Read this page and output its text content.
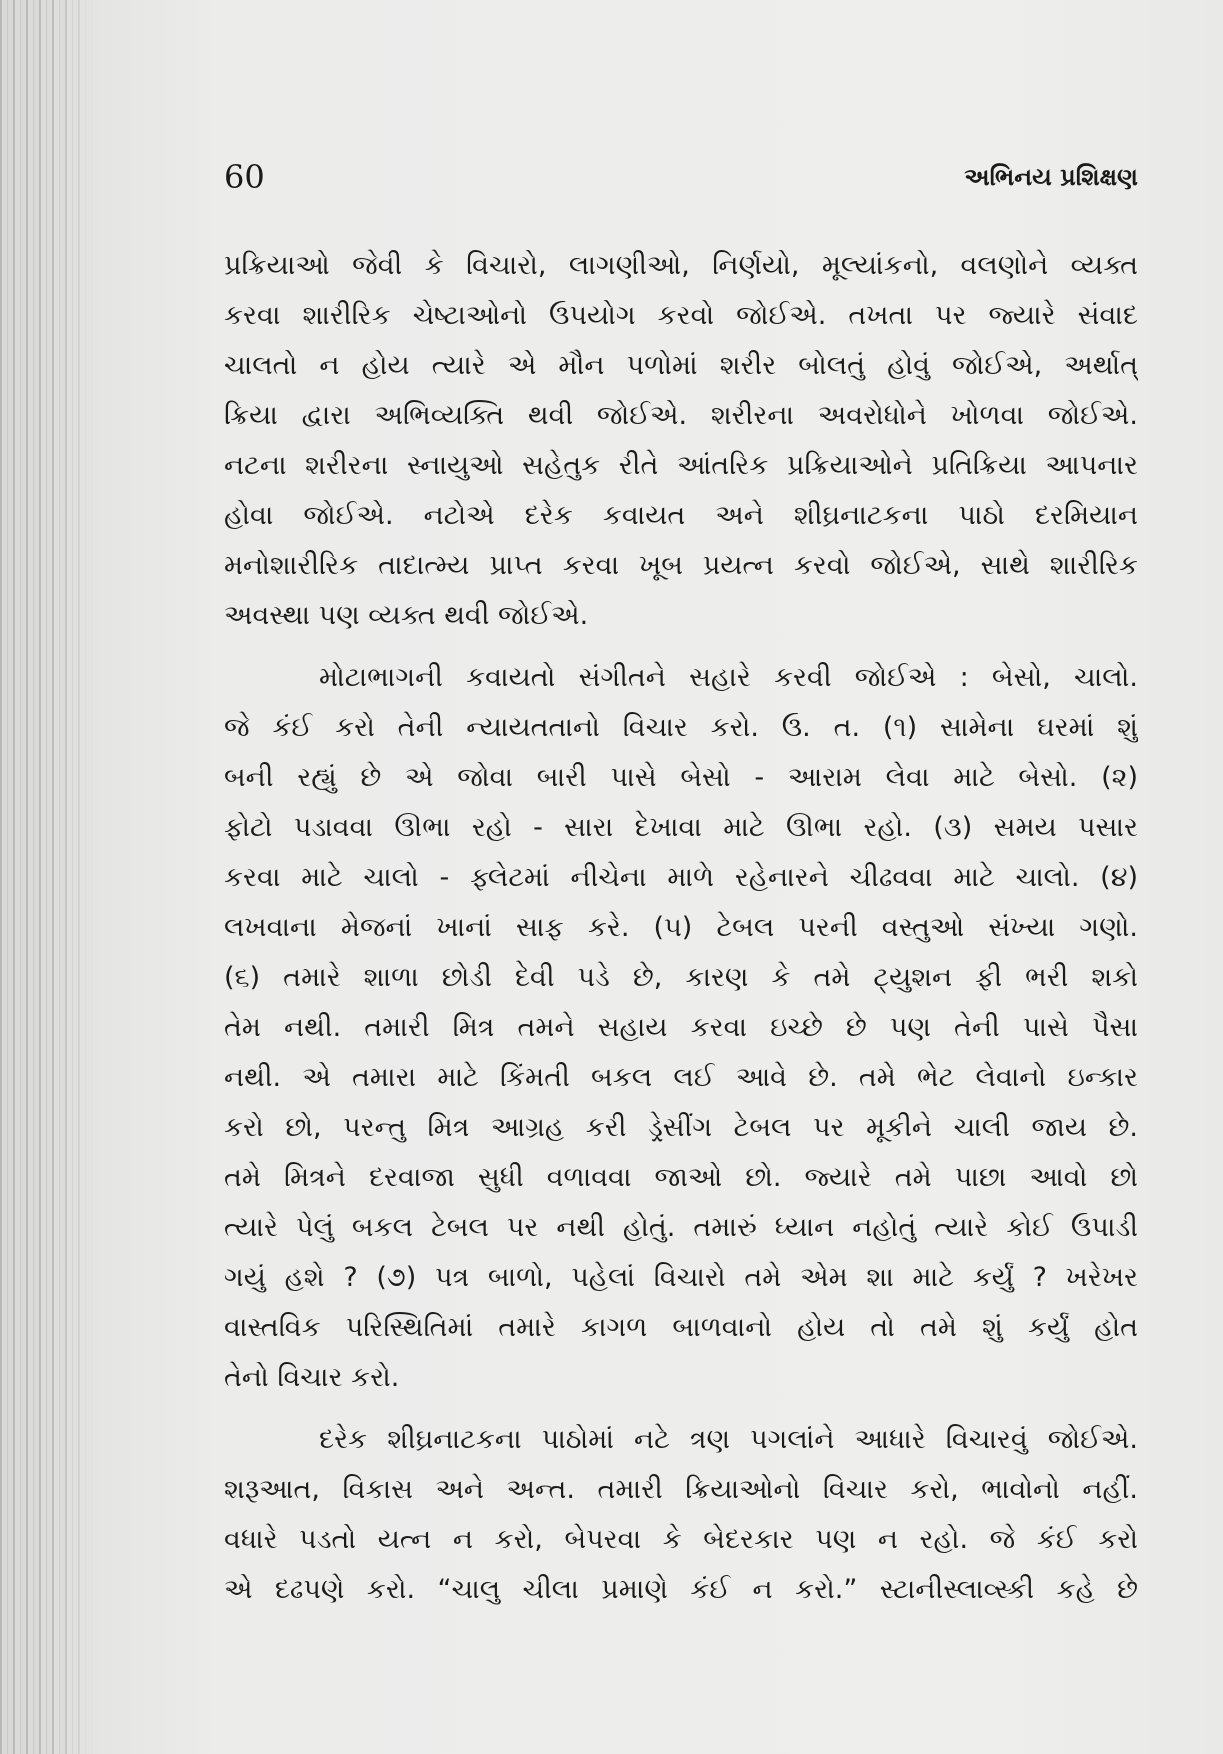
60	અભિનય પ્રશિક્ષણ
પ્રક્રિયાઓ જેવી કે વિચારો, લાગણીઓ, નિર્ણયો, મૂલ્યાંકનો, વલણોને વ્યક્ત
કરવા શારીરિક ચેષ્ટાઓનો ઉપયોગ કરવો જોઈએ. તખતા પર જ્યારે સંવાદ
ચાલતો ન હોય ત્યારે એ મૌન પળોમાં શરીર બોલતું હોવું જોઈએ, અર્થાત્
ક્રિયા દ્વારા અભિવ્યક્તિ થવી જોઈએ. શરીરના અવરોધોને ખોળવા જોઈએ.
નટના શરીરના સ્નાયુઓ સહેતુક રીતે આંતરિક પ્રક્રિયાઓને પ્રતિક્રિયા આપનાર
હોવા જોઈએ. નટોએ દરેક કવાયત અને શીઘ્રનાટકના પાઠો દરમિયાન
મનોશારીરિક તાદાત્મ્ય પ્રાપ્ત કરવા ખૂબ પ્રયત્ન કરવો જોઈએ, સાથે શારીરિક
અવસ્થા પણ વ્યક્ત થવી જોઈએ.
મોટાભાગની કવાયતો સંગીતને સહારે કરવી જોઈએ : બેસો, ચાલો.
જે કંઈ કરો તેની ન્યાયતતાનો વિચાર કરો. ઉ. ત. (૧) સામેના ઘરમાં શું
બની રહ્યું છે એ જોવા બારી પાસે બેસો - આરામ લેવા માટે બેસો. (૨)
ફોટો પડાવવા ઊભા રહો - સારા દેખાવા માટે ઊભા રહો. (૩) સમય પસાર
કરવા માટે ચાલો - ફ્લેટમાં નીચેના માળે રહેનારને ચીઢવવા માટે ચાલો. (૪)
લખવાના મેજનાં ખાનાં સાફ કરે. (૫) ટેબલ પરની વસ્તુઓ સંખ્યા ગણો.
(૬) તમારે શાળા છોડી દેવી પડે છે, કારણ કે તમે ટ્યુશન ફી ભરી શકો
તેમ નથી. તમારી મિત્ર તમને સહાય કરવા ઇચ્છે છે પણ તેની પાસે પૈસા
નથી. એ તમારા માટે કિંમતી બકલ લઈ આવે છે. તમે ભેટ લેવાનો ઇન્કાર
કરો છો, પરન્તુ મિત્ર આગ્રહ કરી ડ્રેસીંગ ટેબલ પર મૂકીને ચાલી જાય છે.
તમે મિત્રને દરવાજા સુધી વળાવવા જાઓ છો. જ્યારે તમે પાછા આવો છો
ત્યારે પેલું બકલ ટેબલ પર નથી હોતું. તમારું ધ્યાન નહોતું ત્યારે કોઈ ઉપાડી
ગયું હશે ? (૭) પત્ર બાળો, પહેલાં વિચારો તમે એમ શા માટે કર્યું ? ખરેખર
વાસ્તવિક પરિસ્થિતિમાં તમારે કાગળ બાળવાનો હોય તો તમે શું કર્યું હોત
તેનો વિચાર કરો.
દરેક શીઘ્રનાટકના પાઠોમાં નટે ત્રણ પગલાંને આધારે વિચારવું જોઈએ.
શરૂઆત, વિકાસ અને અન્ત. તમારી ક્રિયાઓનો વિચાર કરો, ભાવોનો નહીં.
વધારે પડતો યત્ન ન કરો, બેપરવા કે બેદરકાર પણ ન રહો. જે કંઈ કરો
એ દઢપણે કરો. “ચાલુ ચીલા પ્રમાણે કંઈ ન કરો.” સ્ટાનીસ્લાવ્સ્કી કહે છે
